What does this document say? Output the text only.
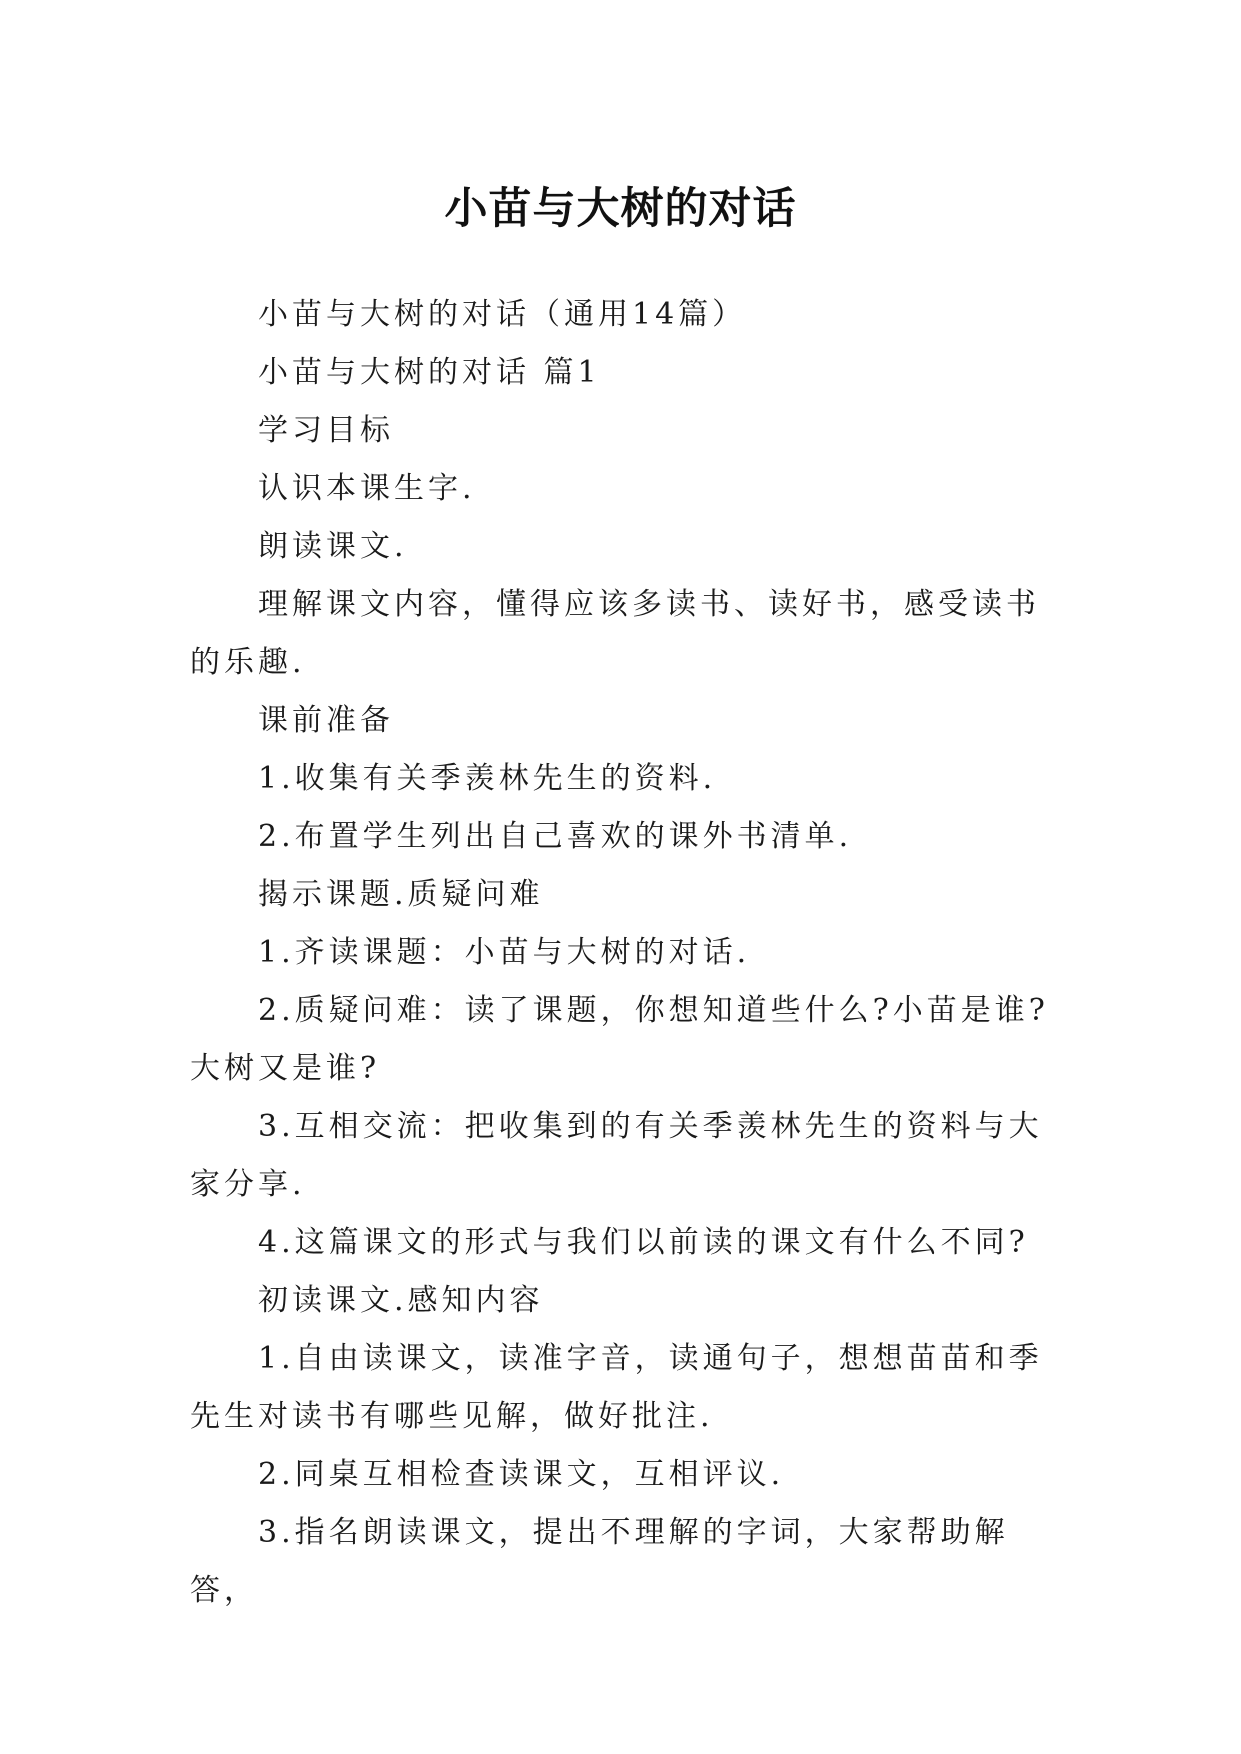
小苗与大树的对话

小苗与大树的对话（通用14篇）

小苗与大树的对话 篇1

学习目标

认识本课生字.

朗读课文.

理解课文内容，懂得应该多读书、读好书，感受读书的乐趣.

课前准备

1.收集有关季羡林先生的资料.

2.布置学生列出自己喜欢的课外书清单.

揭示课题.质疑问难

1.齐读课题：小苗与大树的对话.

2.质疑问难：读了课题，你想知道些什么?小苗是谁?大树又是谁?

3.互相交流：把收集到的有关季羡林先生的资料与大家分享.

4.这篇课文的形式与我们以前读的课文有什么不同?

初读课文.感知内容

1.自由读课文，读准字音，读通句子，想想苗苗和季先生对读书有哪些见解，做好批注.

2.同桌互相检查读课文，互相评议.

3.指名朗读课文，提出不理解的字词，大家帮助解答，
